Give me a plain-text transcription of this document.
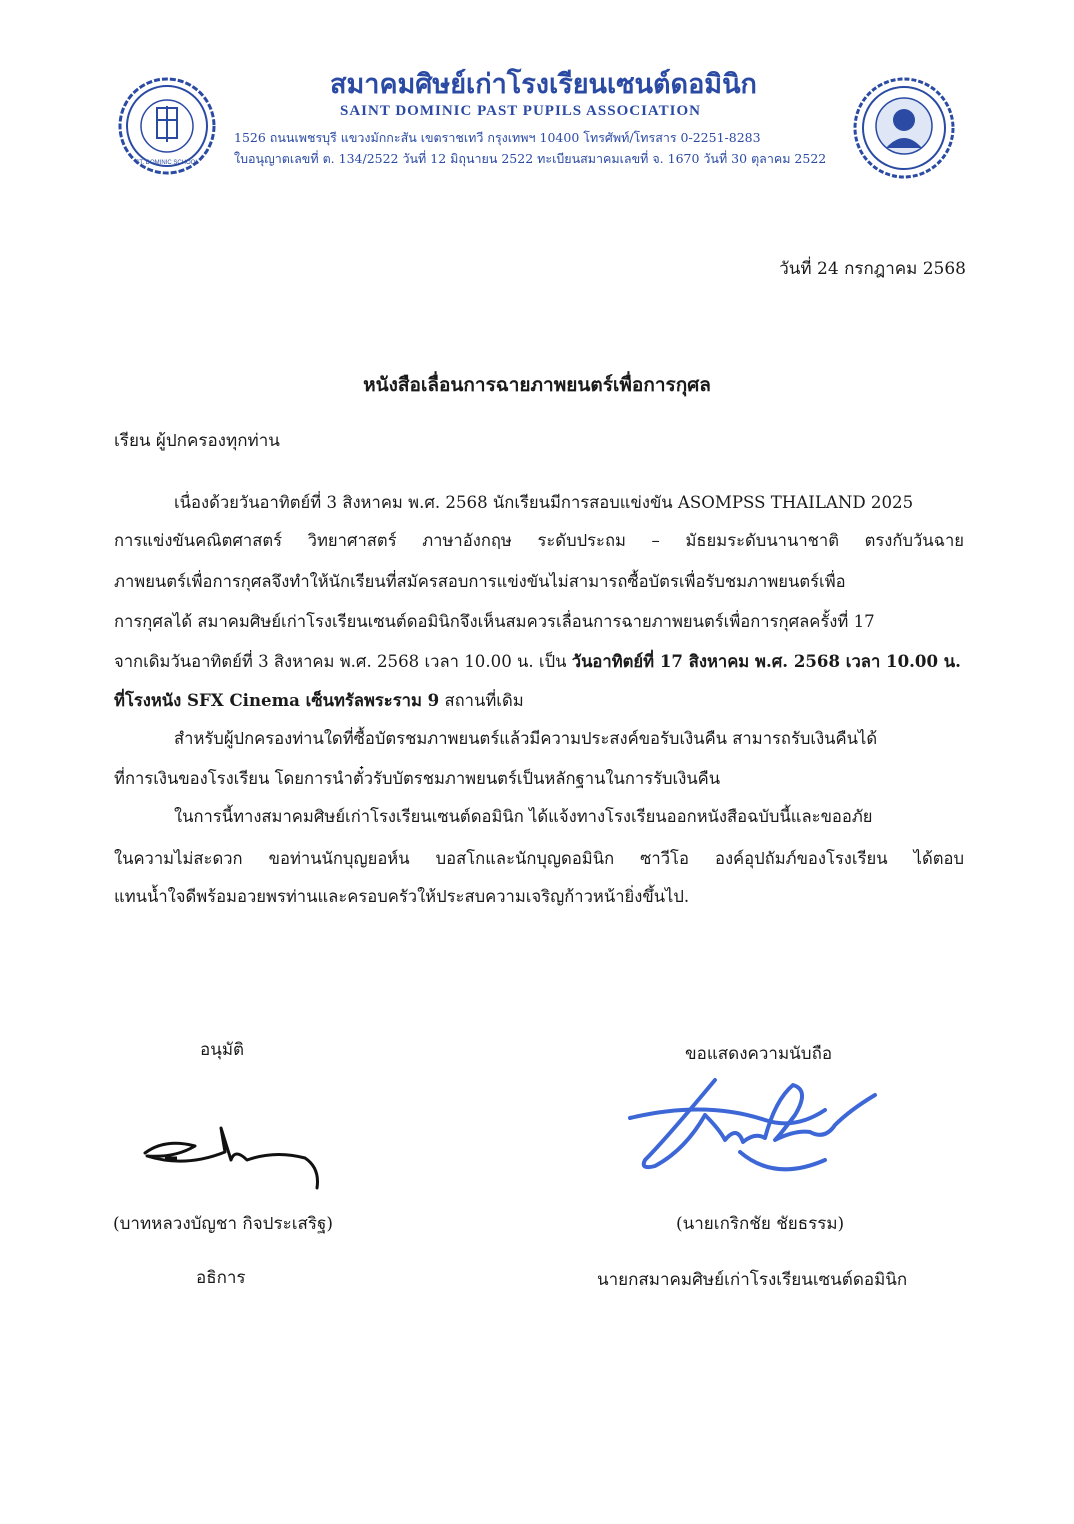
ST. DOMINIC SCHOOL
สมาคมศิษย์เก่าโรงเรียนเซนต์ดอมินิก
SAINT DOMINIC PAST PUPILS ASSOCIATION
1526 ถนนเพชรบุรี แขวงมักกะสัน เขตราชเทวี กรุงเทพฯ 10400 โทรศัพท์/โทรสาร 0-2251-8283
ใบอนุญาตเลขที่ ต. 134/2522 วันที่ 12 มิถุนายน 2522 ทะเบียนสมาคมเลขที่ จ. 1670 วันที่ 30 ตุลาคม 2522
วันที่ 24 กรกฎาคม 2568
หนังสือเลื่อนการฉายภาพยนตร์เพื่อการกุศล
เรียน ผู้ปกครองทุกท่าน
เนื่องด้วยวันอาทิตย์ที่ 3 สิงหาคม พ.ศ. 2568 นักเรียนมีการสอบแข่งขัน ASOMPSS THAILAND 2025
การแข่งขันคณิตศาสตร์ วิทยาศาสตร์ ภาษาอังกฤษ ระดับประถม – มัธยมระดับนานาชาติ ตรงกับวันฉาย
ภาพยนตร์เพื่อการกุศลจึงทำให้นักเรียนที่สมัครสอบการแข่งขันไม่สามารถซื้อบัตรเพื่อรับชมภาพยนตร์เพื่อ
การกุศลได้ สมาคมศิษย์เก่าโรงเรียนเซนต์ดอมินิกจึงเห็นสมควรเลื่อนการฉายภาพยนตร์เพื่อการกุศลครั้งที่ 17
จากเดิมวันอาทิตย์ที่ 3 สิงหาคม พ.ศ. 2568 เวลา 10.00 น. เป็น วันอาทิตย์ที่ 17 สิงหาคม พ.ศ. 2568 เวลา 10.00 น.
ที่โรงหนัง SFX Cinema เซ็นทรัลพระราม 9 สถานที่เดิม
สำหรับผู้ปกครองท่านใดที่ซื้อบัตรชมภาพยนตร์แล้วมีความประสงค์ขอรับเงินคืน สามารถรับเงินคืนได้
ที่การเงินของโรงเรียน โดยการนำตั๋วรับบัตรชมภาพยนตร์เป็นหลักฐานในการรับเงินคืน
ในการนี้ทางสมาคมศิษย์เก่าโรงเรียนเซนต์ดอมินิก ได้แจ้งทางโรงเรียนออกหนังสือฉบับนี้และขออภัย
ในความไม่สะดวก ขอท่านนักบุญยอห์น บอสโกและนักบุญดอมินิก ซาวีโอ องค์อุปถัมภ์ของโรงเรียน ได้ตอบ
แทนน้ำใจดีพร้อมอวยพรท่านและครอบครัวให้ประสบความเจริญก้าวหน้ายิ่งขึ้นไป.
อนุมัติ
(บาทหลวงบัญชา กิจประเสริฐ)
อธิการ
ขอแสดงความนับถือ
(นายเกริกชัย ชัยธรรม)
นายกสมาคมศิษย์เก่าโรงเรียนเซนต์ดอมินิก
